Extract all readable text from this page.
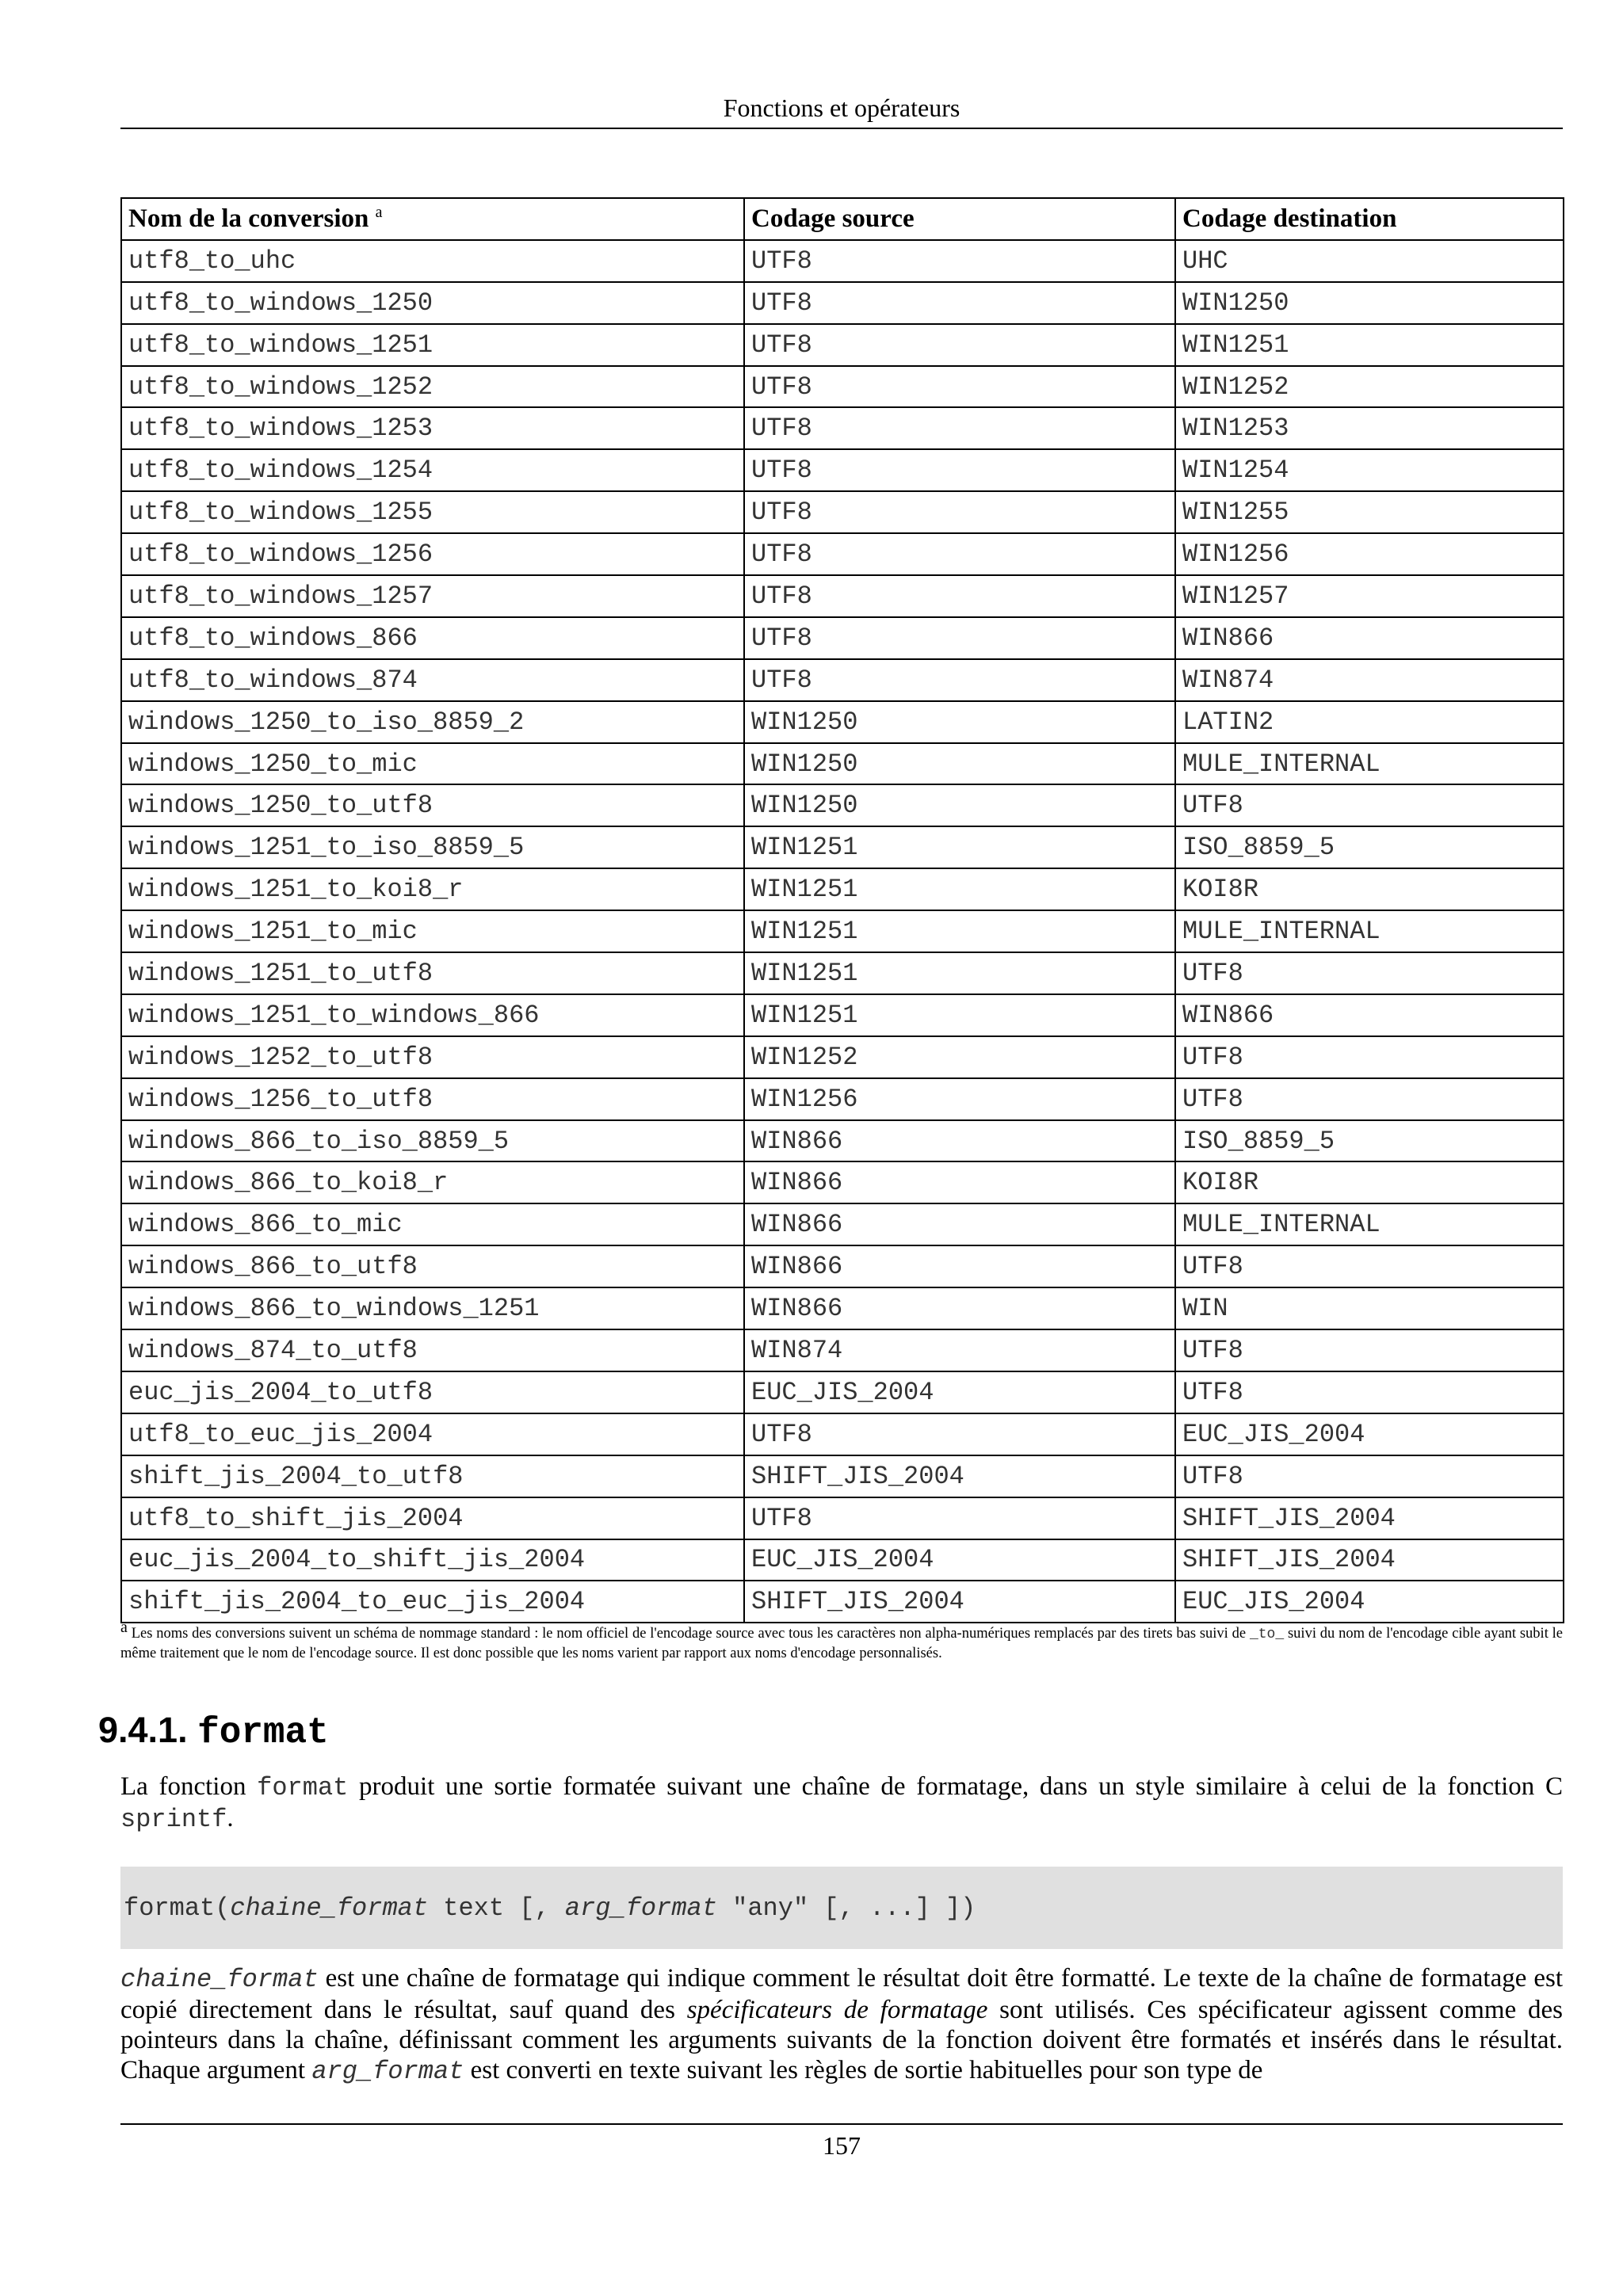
Fonctions et opérateurs
Nom de la conversion $^a$	Codage source	Codage destination
utf8_to_uhc	UTF8	UHC
utf8_to_windows_1250	UTF8	WIN1250
utf8_to_windows_1251	UTF8	WIN1251
utf8_to_windows_1252	UTF8	WIN1252
utf8_to_windows_1253	UTF8	WIN1253
utf8_to_windows_1254	UTF8	WIN1254
utf8_to_windows_1255	UTF8	WIN1255
utf8_to_windows_1256	UTF8	WIN1256
utf8_to_windows_1257	UTF8	WIN1257
utf8_to_windows_866	UTF8	WIN866
utf8_to_windows_874	UTF8	WIN874
windows_1250_to_iso_8859_2	WIN1250	LATIN2
windows_1250_to_mic	WIN1250	MULE_INTERNAL
windows_1250_to_utf8	WIN1250	UTF8
windows_1251_to_iso_8859_5	WIN1251	ISO_8859_5
windows_1251_to_koi8_r	WIN1251	KOI8R
windows_1251_to_mic	WIN1251	MULE_INTERNAL
windows_1251_to_utf8	WIN1251	UTF8
windows_1251_to_windows_866	WIN1251	WIN866
windows_1252_to_utf8	WIN1252	UTF8
windows_1256_to_utf8	WIN1256	UTF8
windows_866_to_iso_8859_5	WIN866	ISO_8859_5
windows_866_to_koi8_r	WIN866	KOI8R
windows_866_to_mic	WIN866	MULE_INTERNAL
windows_866_to_utf8	WIN866	UTF8
windows_866_to_windows_1251	WIN866	WIN
windows_874_to_utf8	WIN874	UTF8
euc_jis_2004_to_utf8	EUC_JIS_2004	UTF8
utf8_to_euc_jis_2004	UTF8	EUC_JIS_2004
shift_jis_2004_to_utf8	SHIFT_JIS_2004	UTF8
utf8_to_shift_jis_2004	UTF8	SHIFT_JIS_2004
euc_jis_2004_to_shift_jis_2004	EUC_JIS_2004	SHIFT_JIS_2004
shift_jis_2004_to_euc_jis_2004	SHIFT_JIS_2004	EUC_JIS_2004
$^a$ Les noms des conversions suivent un schéma de nommage standard : le nom officiel de l'encodage source avec tous les caractères non alpha-numériques remplacés par des tirets bas suivi de _to_ suivi du nom de l'encodage cible ayant subit le même traitement que le nom de l'encodage source. Il est donc possible que les noms varient par rapport aux noms d'encodage personnalisés.
9.4.1. format

La fonction format produit une sortie formatée suivant une chaîne de formatage, dans un style similaire à celui de la fonction C sprintf.

format( chaine_format text [, arg_format "any" [, ...] ])

chaine_format est une chaîne de formatage qui indique comment le résultat doit être formatté. Le texte de la chaîne de formatage est copié directement dans le résultat, sauf quand des spécificateurs de formatage sont utilisés. Ces spécificateur agissent comme des pointeurs dans la chaîne, définissant comment les arguments suivants de la fonction doivent être formatés et insérés dans le résultat. Chaque argument arg_format est converti en texte suivant les règles de sortie habituelles pour son type de

157
